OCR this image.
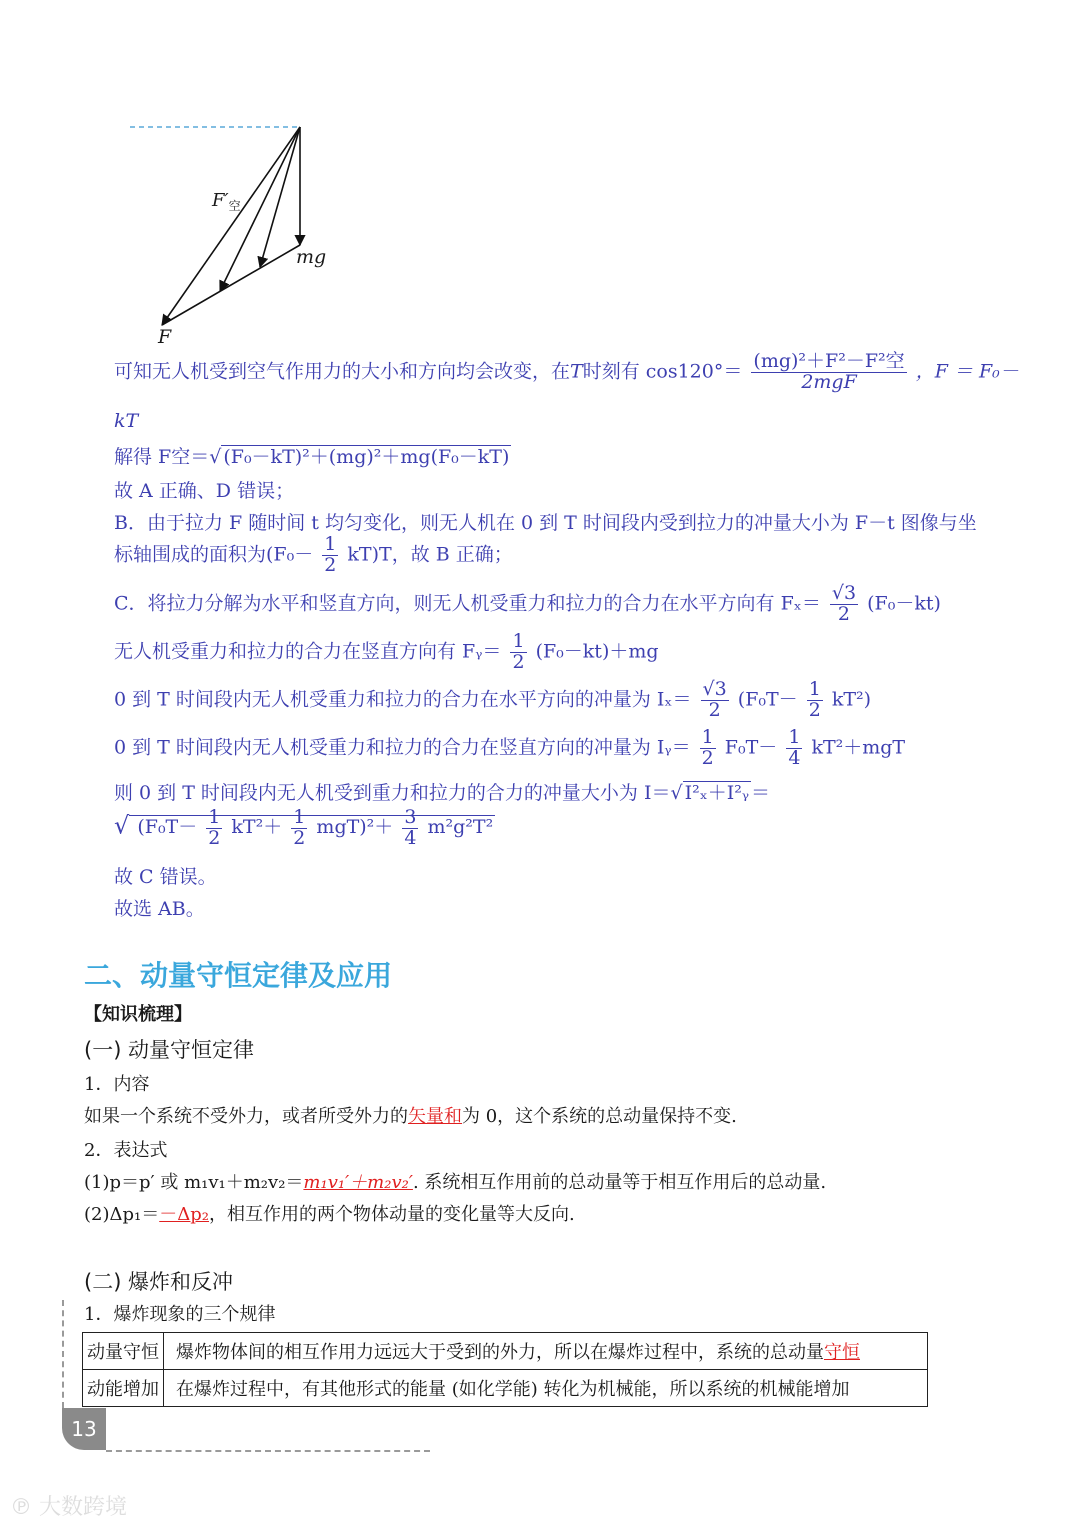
$F'_空$
mg
F
可知无人机受到空气作用力的大小和方向均会改变，在T时刻有 $\cos 120^\circ= \frac{\text{(mg)²＋F²－F²空}}{\text{2mgF}}$ ，F ＝ F₀－
kT
解得 F空＝√ (F₀－kT)²＋(mg)²＋mg(F₀－kT)
故 A 正确、D 错误；
B．由于拉力 F 随时间 t 均匀变化，则无人机在 0 到 T 时间段内受到拉力的冲量大小为 F－t 图像与坐
标轴围成的面积为$(F_0- \frac{1}{2} kT)T$，故 B 正确；
C．将拉力分解为水平和竖直方向，则无人机受重力和拉力的合力在水平方向有 $F_x= \frac{√3}{2} (F_0-kt)$
无人机受重力和拉力的合力在竖直方向有 Fᵧ＝ $\frac{1}{2} (F_0-kt)+mg$
0 到 T 时间段内无人机受重力和拉力的合力在水平方向的冲量为 $I_x= \frac{√3}{2} (F_0T- \frac{1}{2} kT^2)$
0 到 T 时间段内无人机受重力和拉力的合力在竖直方向的冲量为 Iᵧ＝ $\frac{1}{2} F_0T- \frac{1}{4} kT^2+mgT$
则 0 到 T 时间段内无人机受到重力和拉力的合力的冲量大小为 I＝√ I²ₓ＋I²ᵧ ＝
√ $(F_0T- \frac{1}{2} kT^2+ \frac{1}{2} mgT)^2+ \frac{3}{4} m^2g^2T^2$
故 C 错误。
故选 AB。
二、动量守恒定律及应用
【知识梳理】
(一) 动量守恒定律
1．内容
如果一个系统不受外力，或者所受外力的矢量和为 0，这个系统的总动量保持不变.
2．表达式
(1)p＝p′ 或 m₁v₁＋m₂v₂＝m₁v₁′＋m₂v₂′. 系统相互作用前的总动量等于相互作用后的总动量.
(2)Δp₁＝－Δp₂，相互作用的两个物体动量的变化量等大反向.
(二) 爆炸和反冲
1．爆炸现象的三个规律
动量守恒	爆炸物体间的相互作用力远远大于受到的外力，所以在爆炸过程中，系统的总动量守恒
动能增加	在爆炸过程中，有其他形式的能量 (如化学能) 转化为机械能，所以系统的机械能增加
13
℗ 大数跨境
